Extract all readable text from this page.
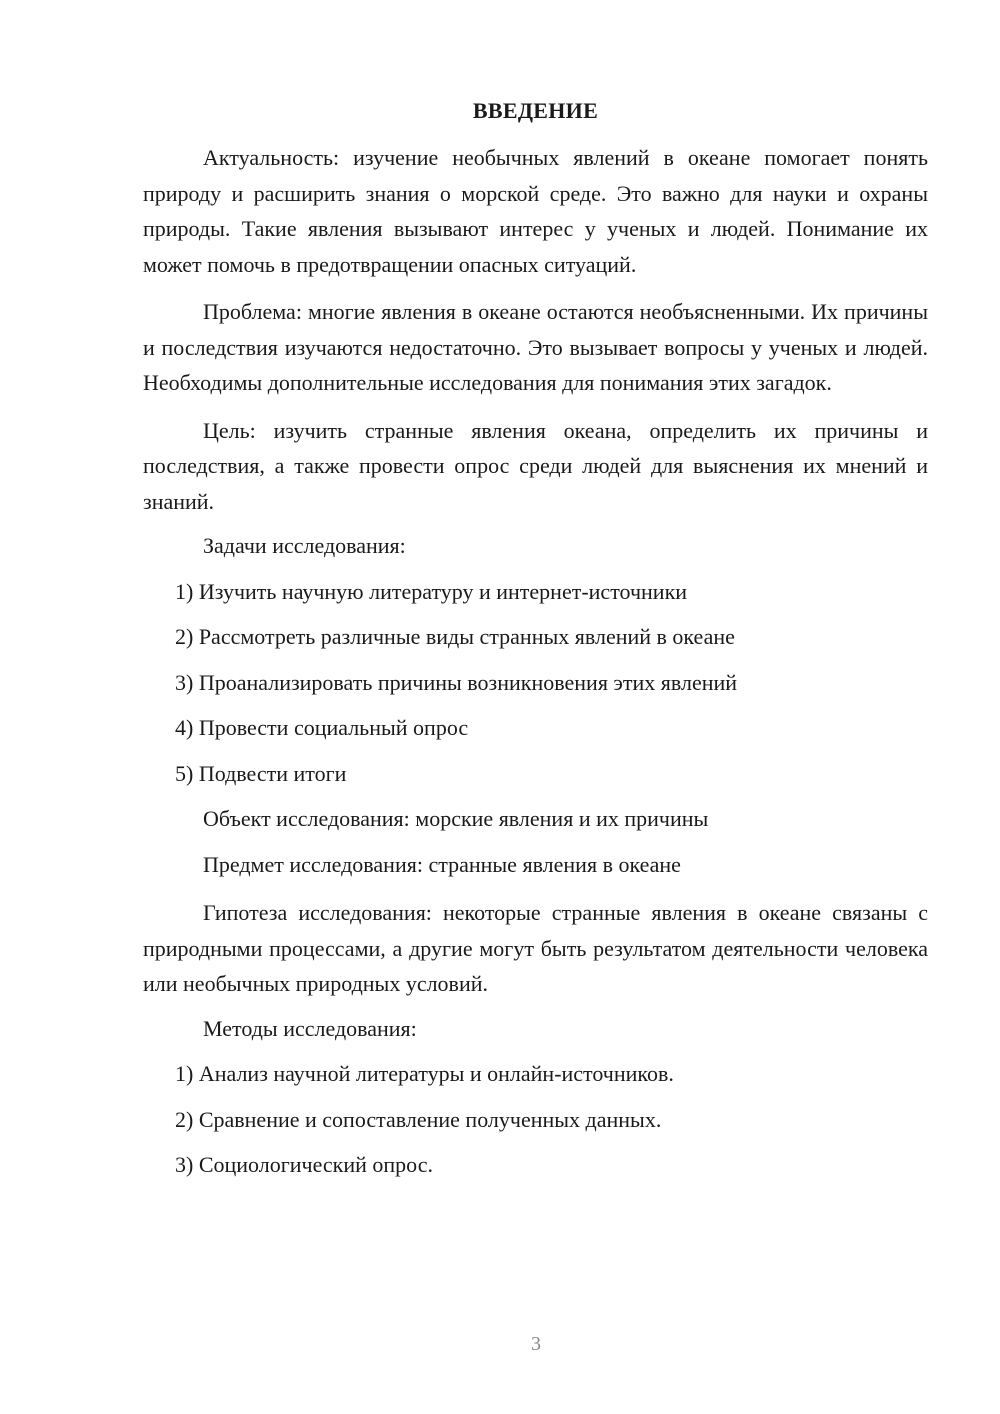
ВВЕДЕНИЕ

Актуальность: изучение необычных явлений в океане помогает понять природу и расширить знания о морской среде. Это важно для науки и охраны природы. Такие явления вызывают интерес у ученых и людей. Понимание их может помочь в предотвращении опасных ситуаций.

Проблема: многие явления в океане остаются необъясненными. Их причины и последствия изучаются недостаточно. Это вызывает вопросы у ученых и людей. Необходимы дополнительные исследования для понимания этих загадок.

Цель: изучить странные явления океана, определить их причины и последствия, а также провести опрос среди людей для выяснения их мнений и знаний.

Задачи исследования:
1) Изучить научную литературу и интернет-источники
2) Рассмотреть различные виды странных явлений в океане
3) Проанализировать причины возникновения этих явлений
4) Провести социальный опрос
5) Подвести итоги
Объект исследования: морские явления и их причины
Предмет исследования: странные явления в океане

Гипотеза исследования: некоторые странные явления в океане связаны с природными процессами, а другие могут быть результатом деятельности человека или необычных природных условий.

Методы исследования:
1) Анализ научной литературы и онлайн-источников.
2) Сравнение и сопоставление полученных данных.
3) Социологический опрос.
3
